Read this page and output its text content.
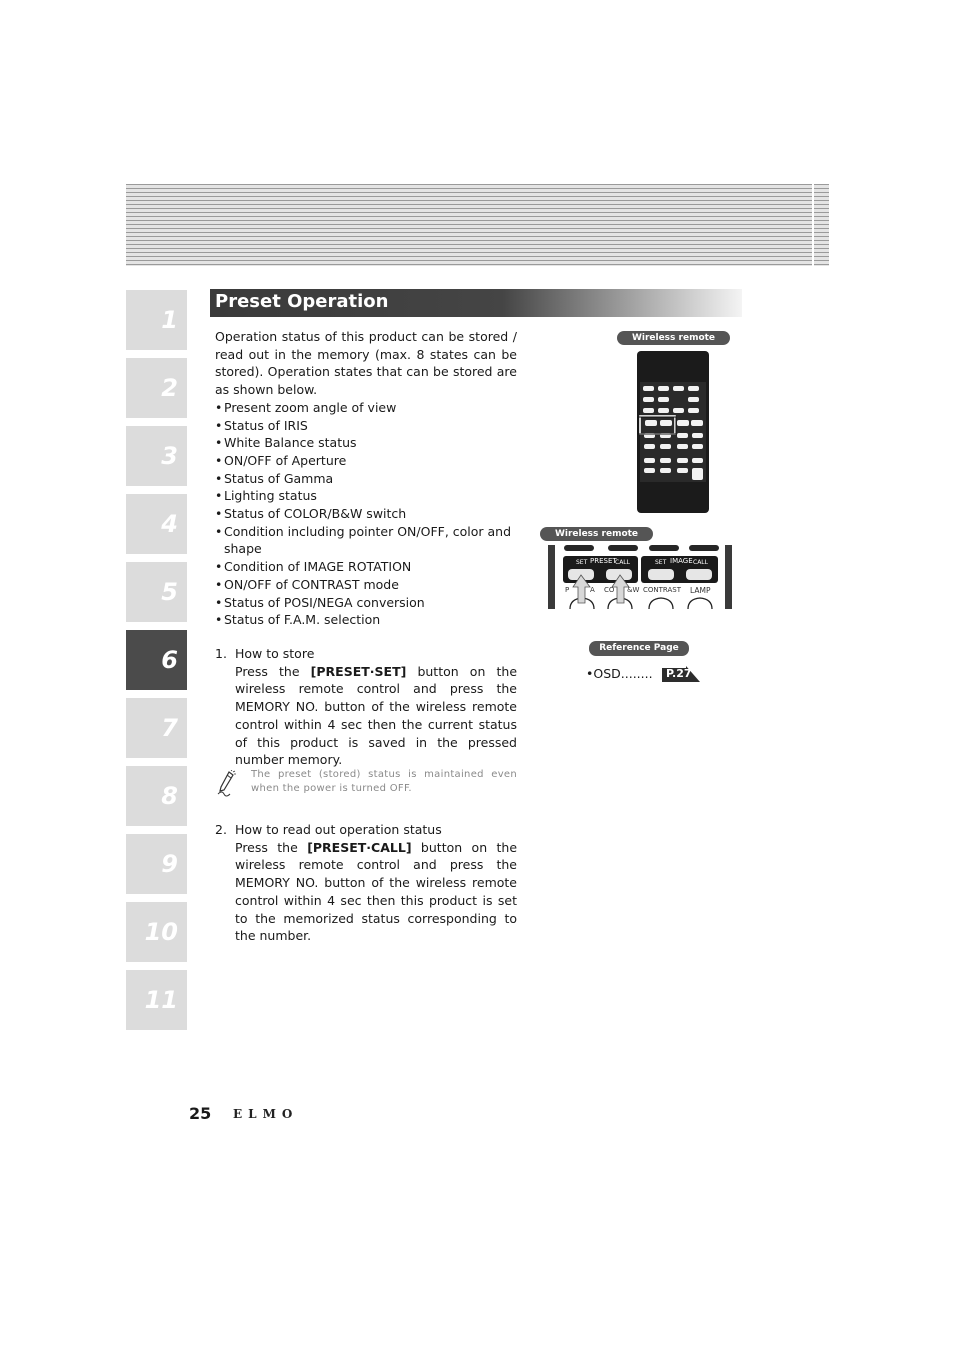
1
2
3
4
5
6
7
8
9
10
11
Preset Operation

Operation status of this product can be stored / read out in the memory (max. 8 states can be stored). Operation states that can be stored are as shown below.

• Present zoom angle of view
• Status of IRIS
• White Balance status
• ON/OFF of Aperture
• Status of Gamma
• Lighting status
• Status of COLOR/B&W switch
• Condition including pointer ON/OFF, color and shape
• Condition of IMAGE ROTATION
• ON/OFF of CONTRAST mode
• Status of POSI/NEGA conversion
• Status of F.A.M. selection

1. How to store

Press the [PRESET·SET] button on the wireless remote control and press the MEMORY NO. button of the wireless remote control within 4 sec then the current status of this product is saved in the pressed number memory.

The preset (stored) status is maintained even when the power is turned OFF.

2. How to read out operation status

Press the [PRESET·CALL] button on the wireless remote control and press the MEMORY NO. button of the wireless remote control within 4 sec then this product is set to the memorized status corresponding to the number.

Wireless remote
Wireless remote
SET PRESET
CALL	SET IMAGE CALL
P	A CO &W CONTRAST LAMP
Reference Page
•OSD........ P.27
25 ELMO
